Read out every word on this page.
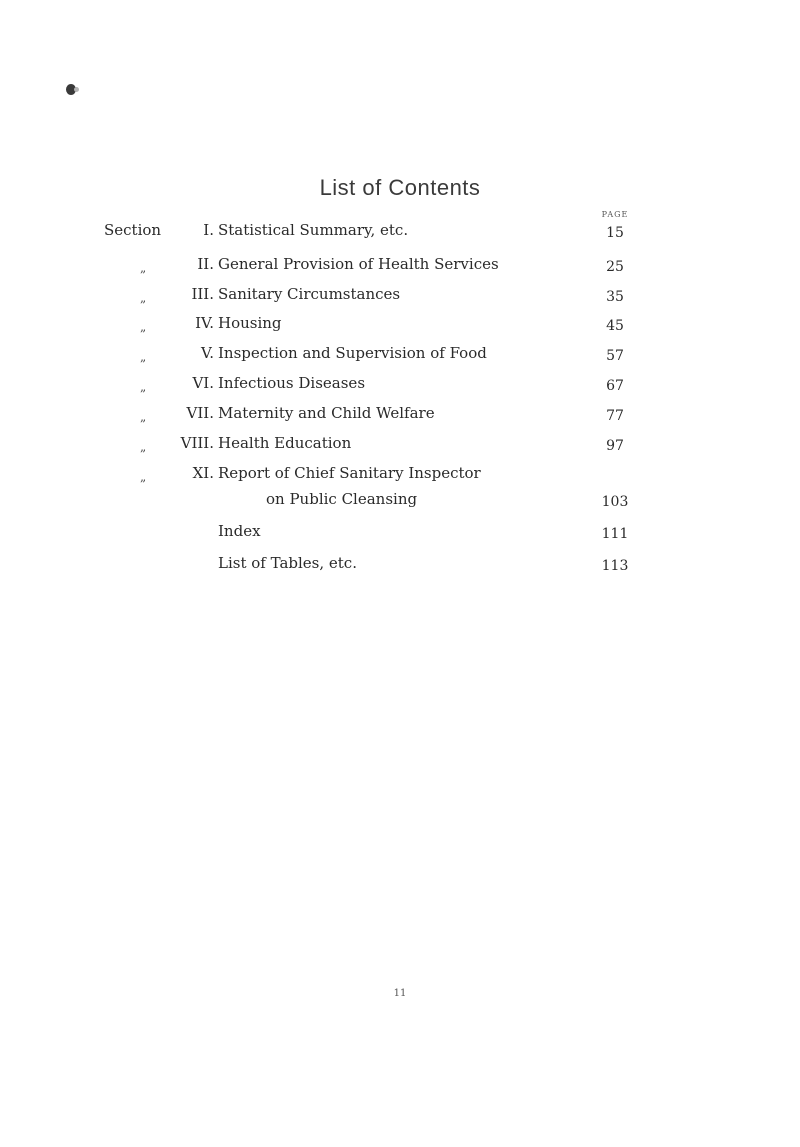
List of Contents
PAGE
Section	I. Statistical Summary, etc.	15
„	II. General Provision of Health Services	25
„	III. Sanitary Circumstances	35
„	IV. Housing	45
„	V. Inspection and Supervision of Food	57
„	VI. Infectious Diseases	67
„	VII. Maternity and Child Welfare	77
„ VIII. Health Education	97
„	XI. Report of Chief Sanitary Inspector
on Public Cleansing	103
Index	111
List of Tables, etc.	113
11
